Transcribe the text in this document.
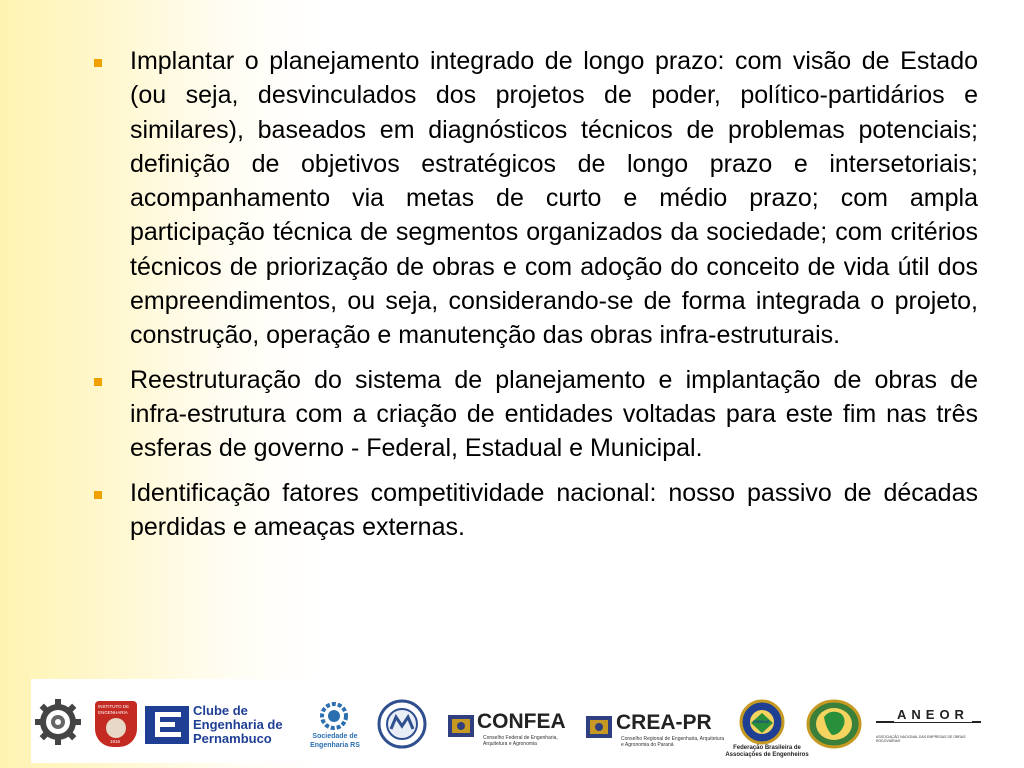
Implantar o planejamento integrado de longo prazo: com visão de Estado (ou seja, desvinculados dos projetos de poder, político-partidários e similares), baseados em diagnósticos técnicos de problemas potenciais; definição de objetivos estratégicos de longo prazo e intersetoriais; acompanhamento via metas de curto e médio prazo; com ampla participação técnica de segmentos organizados da sociedade; com critérios técnicos de priorização de obras e com adoção do conceito de vida útil dos empreendimentos, ou seja, considerando-se de forma integrada o projeto, construção, operação e manutenção das obras infra-estruturais.

Reestruturação do sistema de planejamento e implantação de obras de infra-estrutura com a criação de entidades voltadas para este fim nas três esferas de governo - Federal, Estadual e Municipal.

Identificação fatores competitividade nacional: nosso passivo de décadas perdidas e ameaças externas.

INSTITUTO DE
ENGENHARIA
1916
Clube de
Engenharia de
Pernambuco	Sociedade de
Engenharia RS
CONFEA
Conselho Federal de Engenharia,
Arquitetura e Agronomia
CREA-PR
Conselho Regional de Engenharia, Arquitetura
e Agronomia do Paraná
FEBRAE
Federação Brasileira de
Associações de Engenheiros
ANEOR
ASSOCIAÇÃO NACIONAL DAS EMPRESAS DE OBRAS RODOVIÁRIAS
